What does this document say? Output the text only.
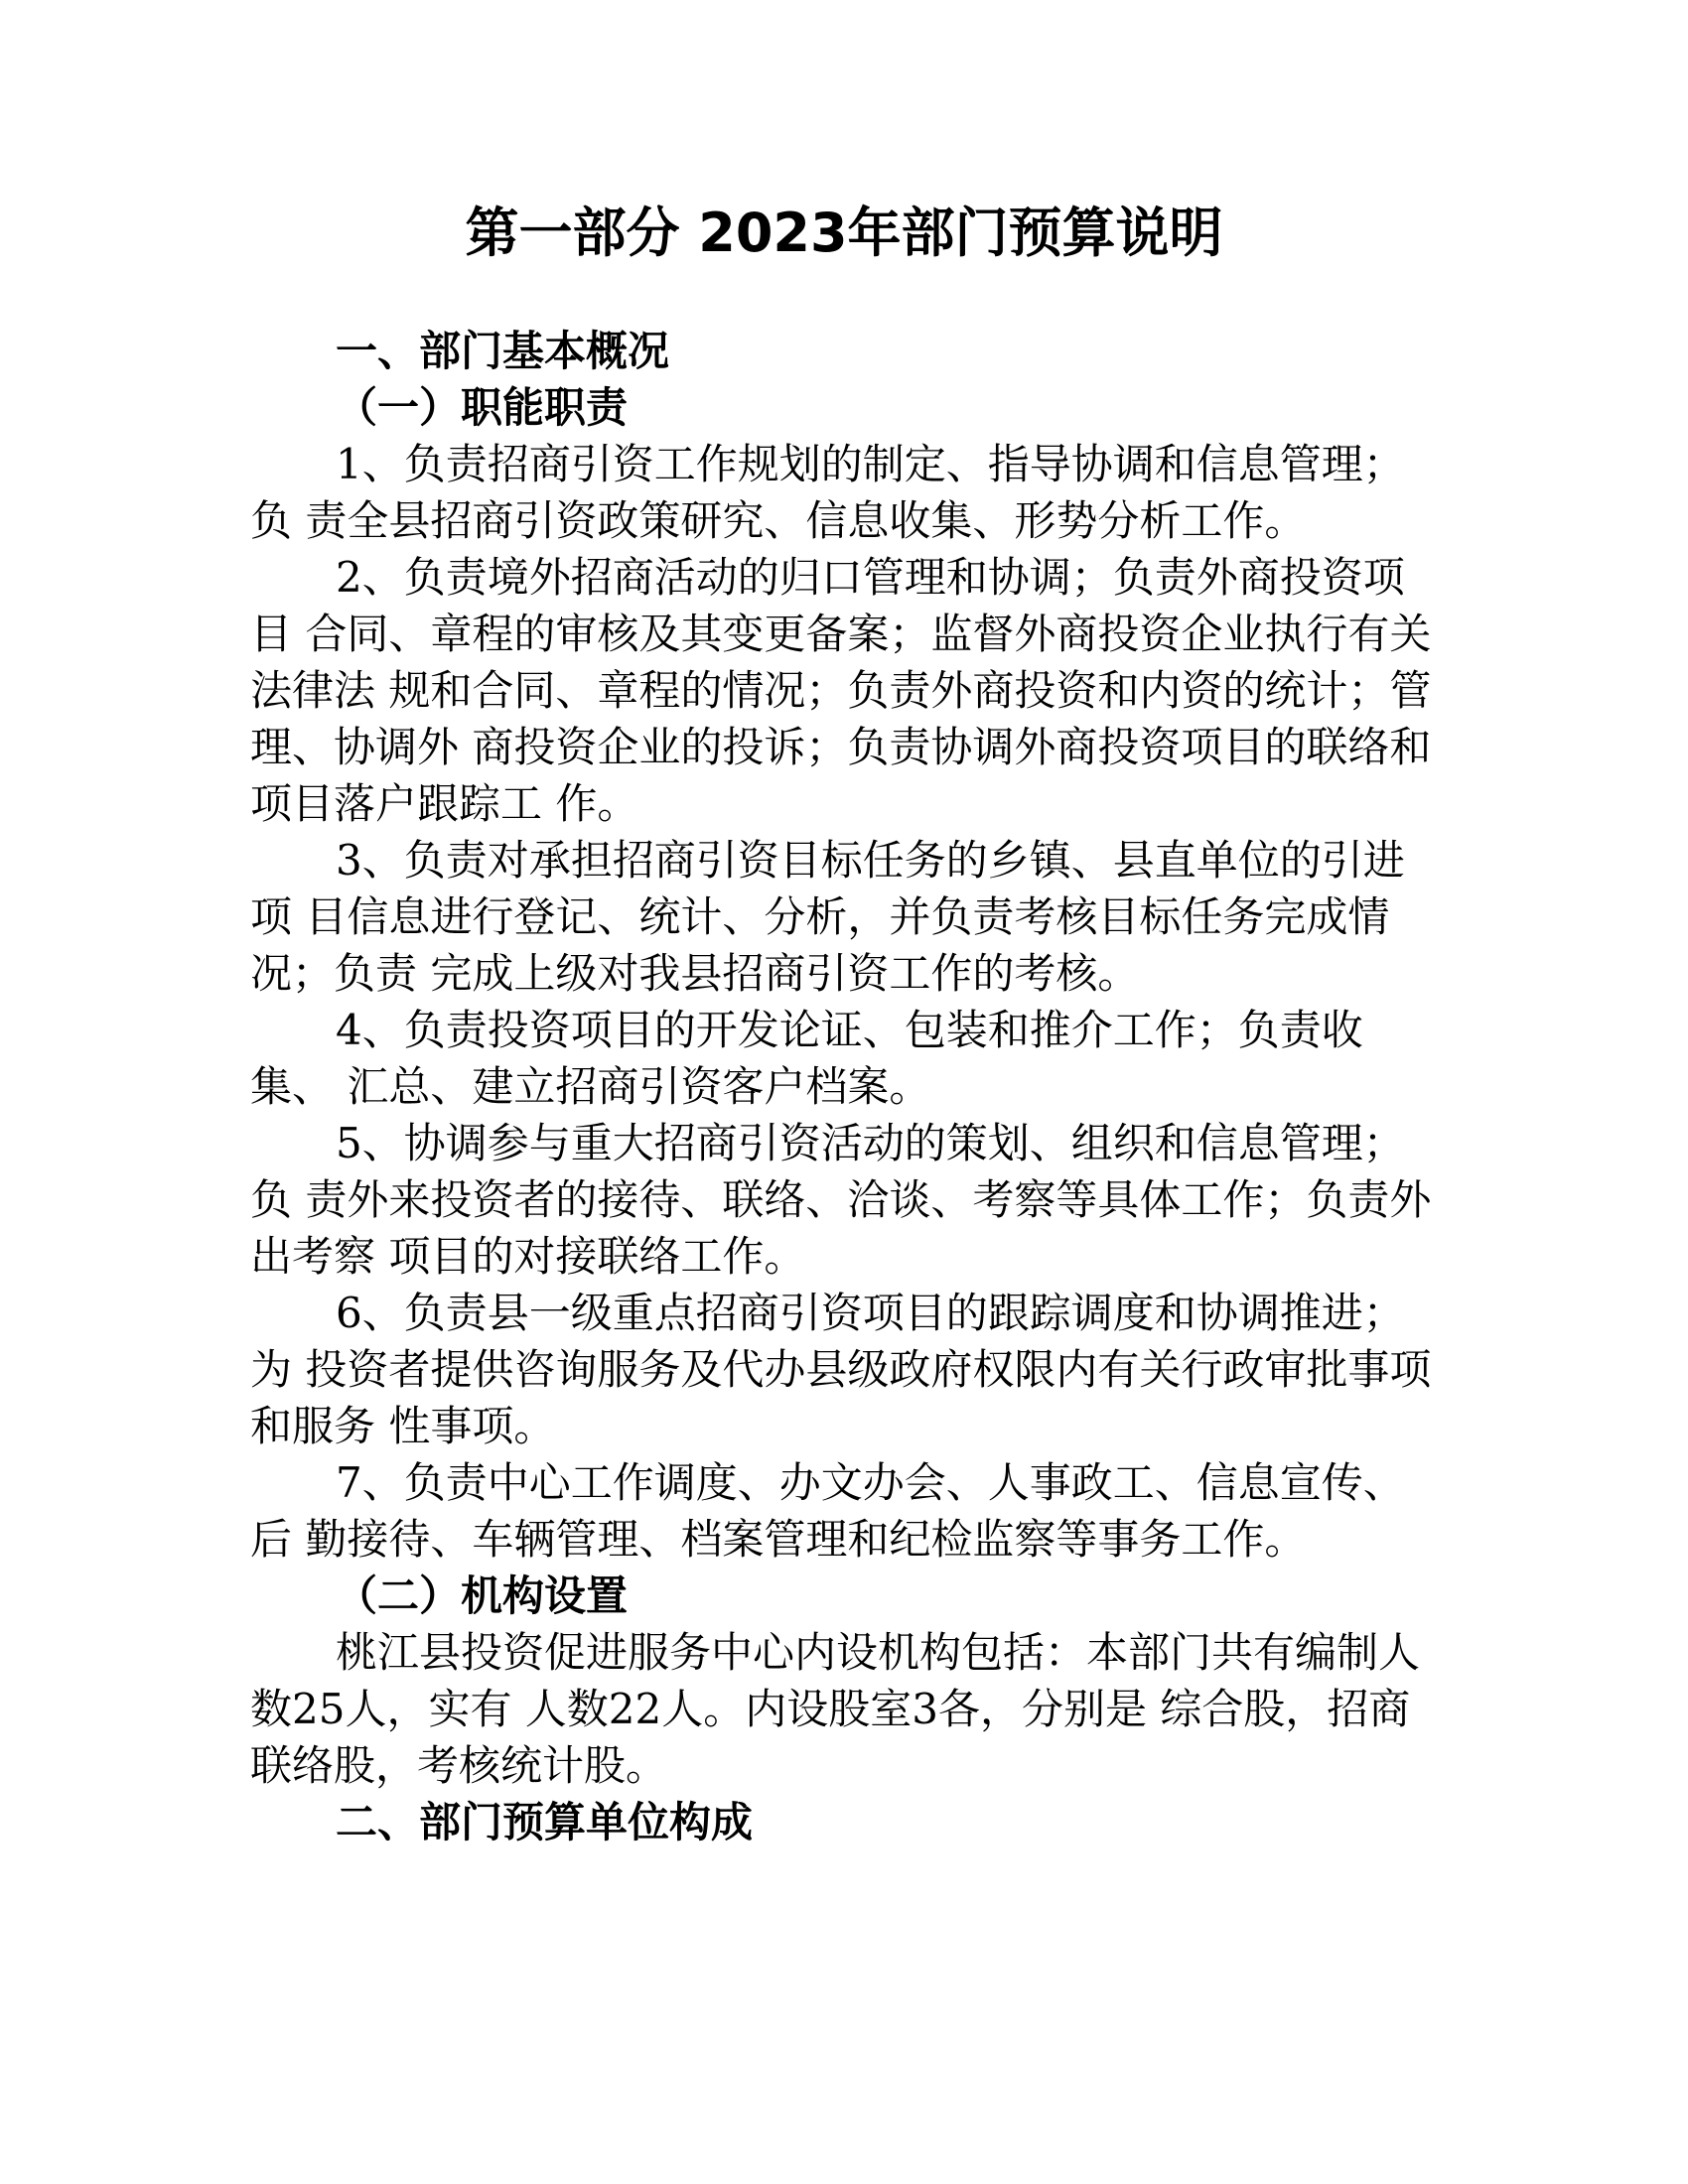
第一部分 2023年部门预算说明
一、部门基本概况
（一）职能职责

1、负责招商引资工作规划的制定、指导协调和信息管理；负 责全县招商引资政策研究、信息收集、形势分析工作。

2、负责境外招商活动的归口管理和协调；负责外商投资项目 合同、章程的审核及其变更备案；监督外商投资企业执行有关法律法 规和合同、章程的情况；负责外商投资和内资的统计；管理、协调外 商投资企业的投诉；负责协调外商投资项目的联络和项目落户跟踪工 作。

3、负责对承担招商引资目标任务的乡镇、县直单位的引进项 目信息进行登记、统计、分析，并负责考核目标任务完成情况；负责 完成上级对我县招商引资工作的考核。

4、负责投资项目的开发论证、包装和推介工作；负责收集、 汇总、建立招商引资客户档案。

5、协调参与重大招商引资活动的策划、组织和信息管理；负 责外来投资者的接待、联络、洽谈、考察等具体工作；负责外出考察 项目的对接联络工作。

6、负责县一级重点招商引资项目的跟踪调度和协调推进；为 投资者提供咨询服务及代办县级政府权限内有关行政审批事项和服务 性事项。

7、负责中心工作调度、办文办会、人事政工、信息宣传、后 勤接待、车辆管理、档案管理和纪检监察等事务工作。

（二）机构设置

桃江县投资促进服务中心内设机构包括：本部门共有编制人数25人，实有 人数22人。内设股室3各，分别是 综合股，招商联络股，考核统计股。

二、部门预算单位构成
